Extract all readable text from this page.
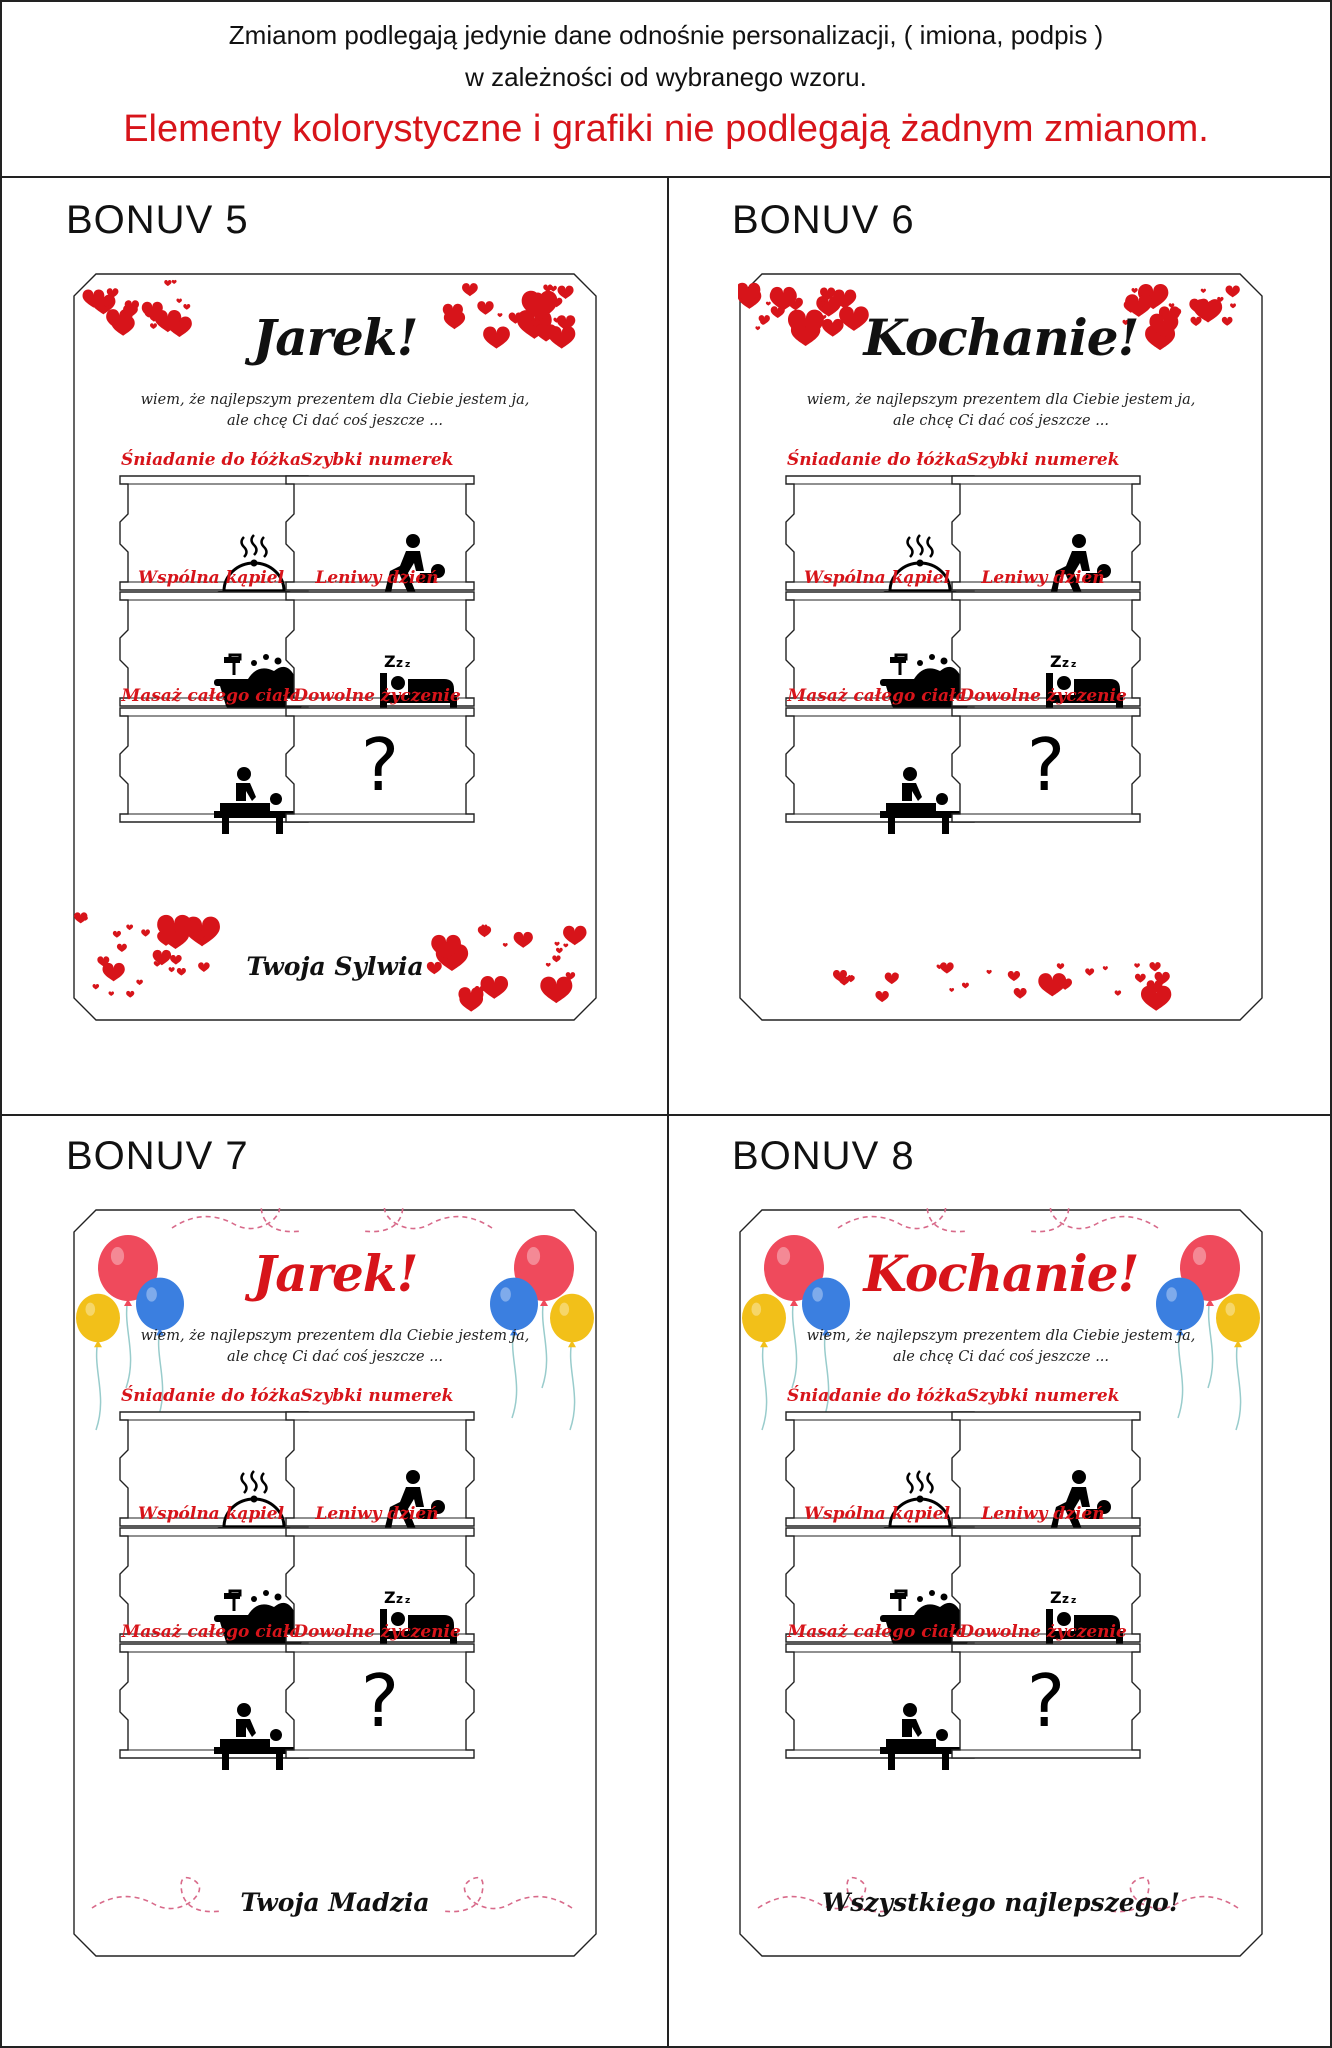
Zmianom podlegają jedynie dane odnośnie personalizacji, ( imiona, podpis )
w zależności od wybranego wzoru.
Elementy kolorystyczne i grafiki nie podlegają żadnym zmianom.
BONUV 5
Jarek!
wiem, że najlepszym prezentem dla Ciebie jestem ja,
ale chcę Ci dać coś jeszcze ...
Śniadanie do łóżka Szybki numerek
Wspólna kąpiel	Leniwy dzień
Z z z
Masaż całego ciała
Dowolne życzenie
?
Twoja Sylwia
BONUV 6
Kochanie!
wiem, że najlepszym prezentem dla Ciebie jestem ja,
ale chcę Ci dać coś jeszcze ...
Śniadanie do łóżka Szybki numerek
Wspólna kąpiel	Leniwy dzień
Z z z
Masaż całego ciała
Dowolne życzenie
?
BONUV 7
Jarek!
wiem, że najlepszym prezentem dla Ciebie jestem ja,
ale chcę Ci dać coś jeszcze ...
Śniadanie do łóżka Szybki numerek
Wspólna kąpiel	Leniwy dzień
Z z z
Masaż całego ciała
Dowolne życzenie
?
Twoja Madzia
BONUV 8
Kochanie!
wiem, że najlepszym prezentem dla Ciebie jestem ja,
ale chcę Ci dać coś jeszcze ...
Śniadanie do łóżka Szybki numerek
Wspólna kąpiel	Leniwy dzień
Z z z
Masaż całego ciała
Dowolne życzenie
?
Wszystkiego najlepszego!
